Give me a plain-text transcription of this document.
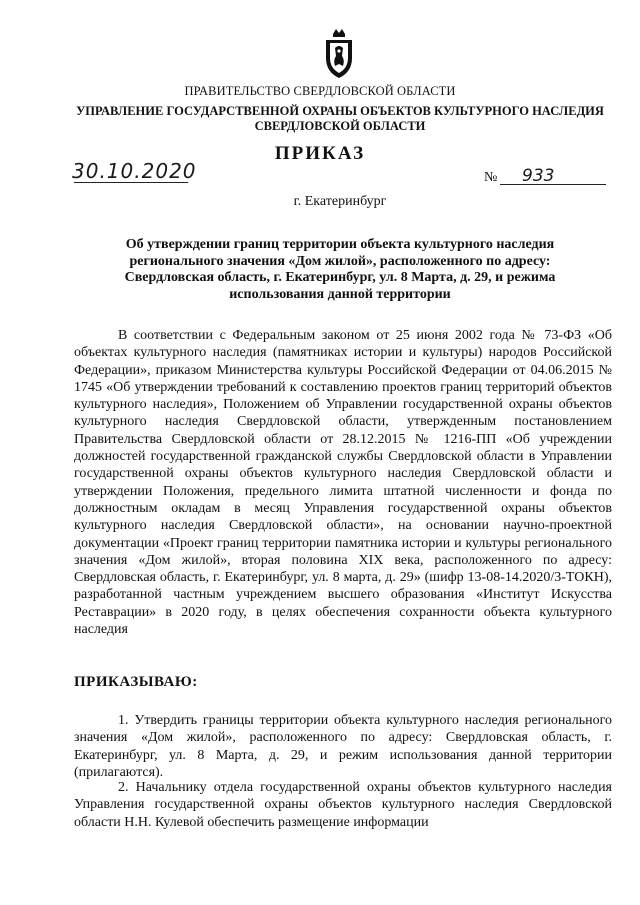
ПРАВИТЕЛЬСТВО СВЕРДЛОВСКОЙ ОБЛАСТИ
УПРАВЛЕНИЕ ГОСУДАРСТВЕННОЙ ОХРАНЫ ОБЪЕКТОВ КУЛЬТУРНОГО НАСЛЕДИЯ СВЕРДЛОВСКОЙ ОБЛАСТИ
ПРИКАЗ
30.10.2020	№ 933
г. Екатеринбург
Об утверждении границ территории объекта культурного наследия регионального значения «Дом жилой», расположенного по адресу: Свердловская область, г. Екатеринбург, ул. 8 Марта, д. 29, и режима использования данной территории
В соответствии с Федеральным законом от 25 июня 2002 года № 73-ФЗ «Об объектах культурного наследия (памятниках истории и культуры) народов Российской Федерации», приказом Министерства культуры Российской Федерации от 04.06.2015 № 1745 «Об утверждении требований к составлению проектов границ территорий объектов культурного наследия», Положением об Управлении государственной охраны объектов культурного наследия Свердловской области, утвержденным постановлением Правительства Свердловской области от 28.12.2015 № 1216-ПП «Об учреждении должностей государственной гражданской службы Свердловской области в Управлении государственной охраны объектов культурного наследия Свердловской области и утверждении Положения, предельного лимита штатной численности и фонда по должностным окладам в месяц Управления государственной охраны объектов культурного наследия Свердловской области», на основании научно-проектной документации «Проект границ территории памятника истории и культуры регионального значения «Дом жилой», вторая половина XIX века, расположенного по адресу: Свердловская область, г. Екатеринбург, ул. 8 марта, д. 29» (шифр 13-08-14.2020/3-ТОКН), разработанной частным учреждением высшего образования «Институт Искусства Реставрации» в 2020 году, в целях обеспечения сохранности объекта культурного наследия
ПРИКАЗЫВАЮ:
1. Утвердить границы территории объекта культурного наследия регионального значения «Дом жилой», расположенного по адресу: Свердловская область, г. Екатеринбург, ул. 8 Марта, д. 29, и режим использования данной территории (прилагаются).
2. Начальнику отдела государственной охраны объектов культурного наследия Управления государственной охраны объектов культурного наследия Свердловской области Н.Н. Кулевой обеспечить размещение информации
